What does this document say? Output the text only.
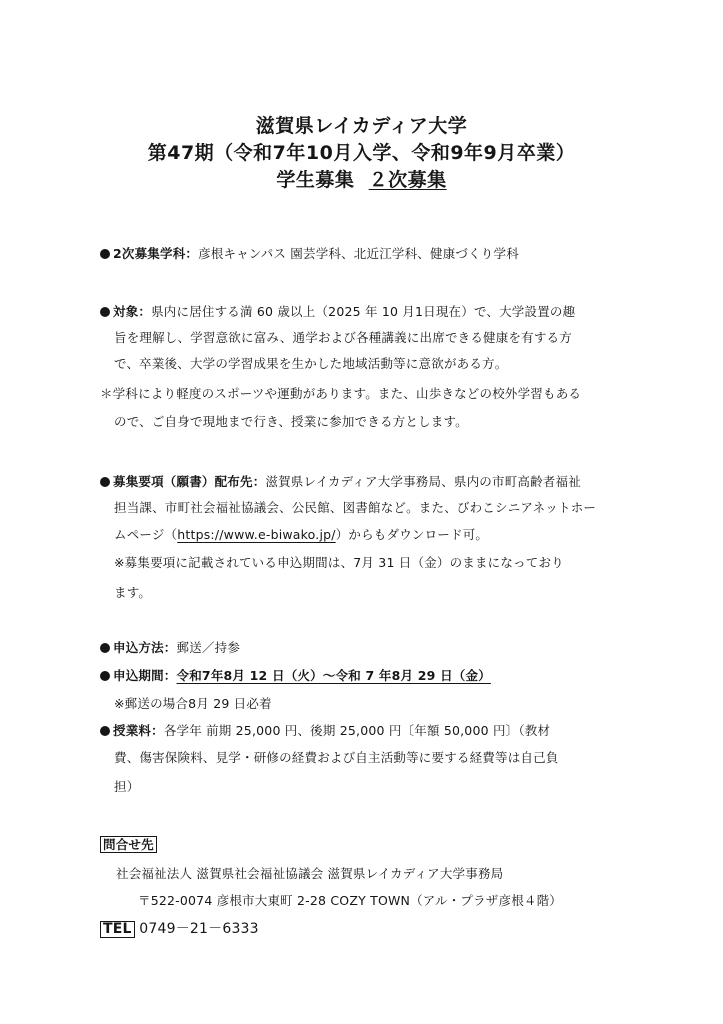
滋賀県レイカディア大学
第47期（令和7年10月入学、令和9年9月卒業）
学生募集 ２次募集
2次募集学科：彦根キャンパス 園芸学科、北近江学科、健康づくり学科
対象：県内に居住する満 60 歳以上（2025 年 10 月1日現在）で、大学設置の趣
旨を理解し、学習意欲に富み、通学および各種講義に出席できる健康を有する方
で、卒業後、大学の学習成果を生かした地域活動等に意欲がある方。
＊学科により軽度のスポーツや運動があります。また、山歩きなどの校外学習もある
ので、ご自身で現地まで行き、授業に参加できる方とします。
募集要項（願書）配布先：滋賀県レイカディア大学事務局、県内の市町高齢者福祉
担当課、市町社会福祉協議会、公民館、図書館など。また、びわこシニアネットホー
ムページ（https://www.e-biwako.jp/）からもダウンロード可。
※募集要項に記載されている申込期間は、7月 31 日（金）のままになっており
ます。
申込方法：郵送／持参
申込期間：令和7年8月 12 日（火）～令和 7 年8月 29 日（金）
※郵送の場合8月 29 日必着
授業料：各学年 前期 25,000 円、後期 25,000 円〔年額 50,000 円〕（教材
費、傷害保険料、見学・研修の経費および自主活動等に要する経費等は自己負
担）
問合せ先
社会福祉法人 滋賀県社会福祉協議会 滋賀県レイカディア大学事務局
〒522-0074 彦根市大東町 2-28 COZY TOWN（アル・プラザ彦根４階）
TEL 0749－21－6333
